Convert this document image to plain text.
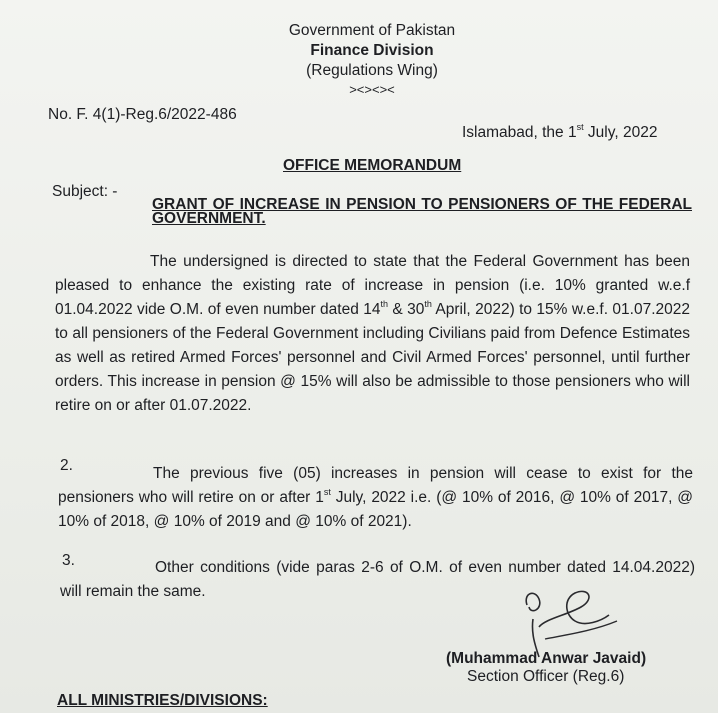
Government of Pakistan
Finance Division
(Regulations Wing)
><><><
No. F. 4(1)-Reg.6/2022-486
Islamabad, the 1st July, 2022
OFFICE MEMORANDUM
Subject: -
GRANT OF INCREASE IN PENSION TO PENSIONERS OF THE FEDERAL GOVERNMENT.
The undersigned is directed to state that the Federal Government has been pleased to enhance the existing rate of increase in pension (i.e. 10% granted w.e.f 01.04.2022 vide O.M. of even number dated 14th & 30th April, 2022) to 15% w.e.f. 01.07.2022 to all pensioners of the Federal Government including Civilians paid from Defence Estimates as well as retired Armed Forces' personnel and Civil Armed Forces' personnel, until further orders. This increase in pension @ 15% will also be admissible to those pensioners who will retire on or after 01.07.2022.
2.	The previous five (05) increases in pension will cease to exist for the pensioners who will retire on or after 1st July, 2022 i.e. (@ 10% of 2016, @ 10% of 2017, @ 10% of 2018, @ 10% of 2019 and @ 10% of 2021).
3.	Other conditions (vide paras 2-6 of O.M. of even number dated 14.04.2022) will remain the same.
(Muhammad Anwar Javaid)
Section Officer (Reg.6)
ALL MINISTRIES/DIVISIONS:
